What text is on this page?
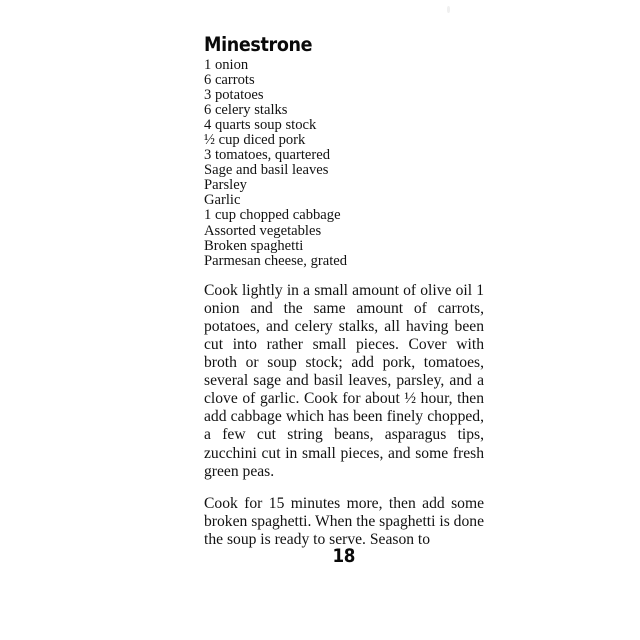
Minestrone
1 onion
6 carrots
3 potatoes
6 celery stalks
4 quarts soup stock
½ cup diced pork
3 tomatoes, quartered
Sage and basil leaves
Parsley
Garlic
1 cup chopped cabbage
Assorted vegetables
Broken spaghetti
Parmesan cheese, grated

Cook lightly in a small amount of olive oil 1 onion and the same amount of carrots, potatoes, and celery stalks, all having been cut into rather small pieces. Cover with broth or soup stock; add pork, tomatoes, several sage and basil leaves, parsley, and a clove of garlic. Cook for about ½ hour, then add cabbage which has been finely chopped, a few cut string beans, asparagus tips, zucchini cut in small pieces, and some fresh green peas.

Cook for 15 minutes more, then add some broken spaghetti. When the spaghetti is done the soup is ready to serve. Season to

18
